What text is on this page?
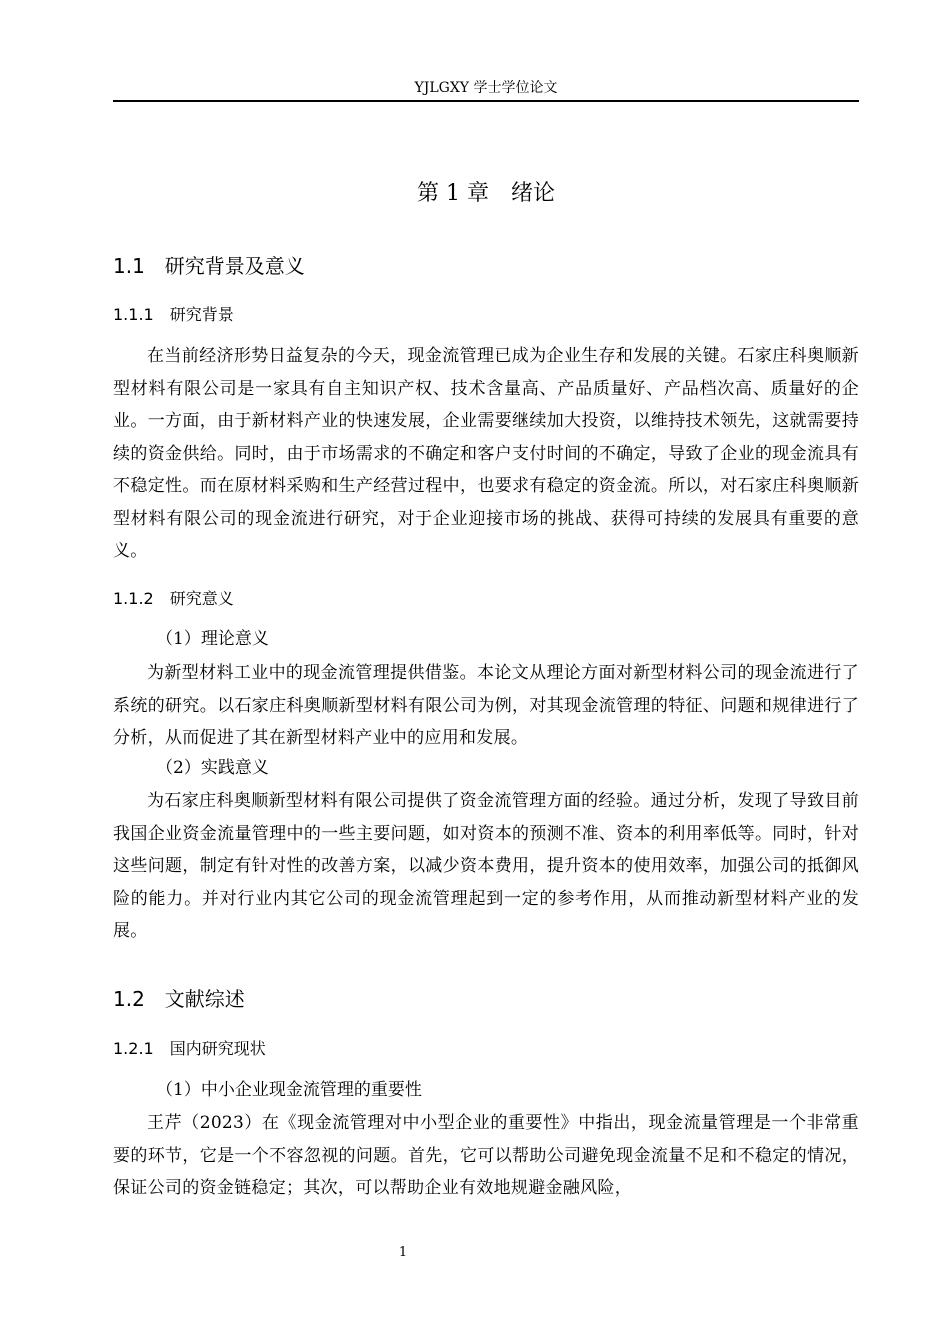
YJLGXY 学士学位论文
第 1 章　绪论
1.1　研究背景及意义
1.1.1　研究背景

在当前经济形势日益复杂的今天，现金流管理已成为企业生存和发展的关键。石家庄科奥顺新型材料有限公司是一家具有自主知识产权、技术含量高、产品质量好、产品档次高、质量好的企业。一方面，由于新材料产业的快速发展，企业需要继续加大投资，以维持技术领先，这就需要持续的资金供给。同时，由于市场需求的不确定和客户支付时间的不确定，导致了企业的现金流具有不稳定性。而在原材料采购和生产经营过程中，也要求有稳定的资金流。所以，对石家庄科奥顺新型材料有限公司的现金流进行研究，对于企业迎接市场的挑战、获得可持续的发展具有重要的意义。

1.1.2　研究意义
（1）理论意义

为新型材料工业中的现金流管理提供借鉴。本论文从理论方面对新型材料公司的现金流进行了系统的研究。以石家庄科奥顺新型材料有限公司为例，对其现金流管理的特征、问题和规律进行了分析，从而促进了其在新型材料产业中的应用和发展。

（2）实践意义

为石家庄科奥顺新型材料有限公司提供了资金流管理方面的经验。通过分析，发现了导致目前我国企业资金流量管理中的一些主要问题，如对资本的预测不准、资本的利用率低等。同时，针对这些问题，制定有针对性的改善方案，以减少资本费用，提升资本的使用效率，加强公司的抵御风险的能力。并对行业内其它公司的现金流管理起到一定的参考作用，从而推动新型材料产业的发展。

1.2　文献综述
1.2.1　国内研究现状
（1）中小企业现金流管理的重要性

王芹（2023）在《现金流管理对中小型企业的重要性》中指出，现金流量管理是一个非常重要的环节，它是一个不容忽视的问题。首先，它可以帮助公司避免现金流量不足和不稳定的情况，保证公司的资金链稳定；其次，可以帮助企业有效地规避金融风险，

1
